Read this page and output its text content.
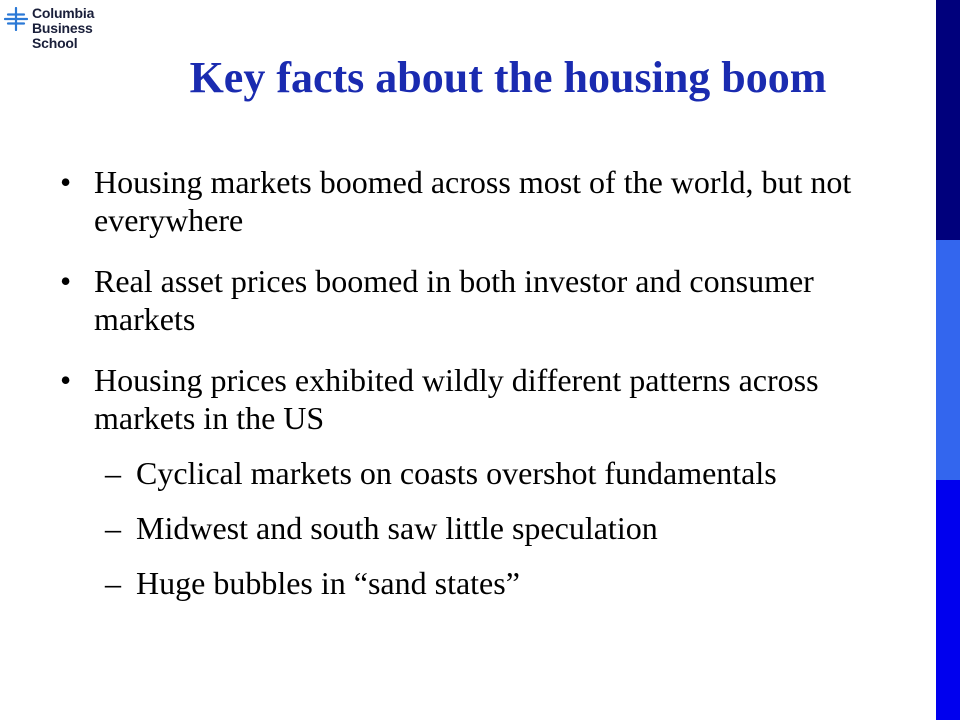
Columbia
Business
School
Key facts about the housing boom
• Housing markets boomed across most of the world, but not everywhere
• Real asset prices boomed in both investor and consumer markets
• Housing prices exhibited wildly different patterns across markets in the US
– Cyclical markets on coasts overshot fundamentals
– Midwest and south saw little speculation
– Huge bubbles in “sand states”
